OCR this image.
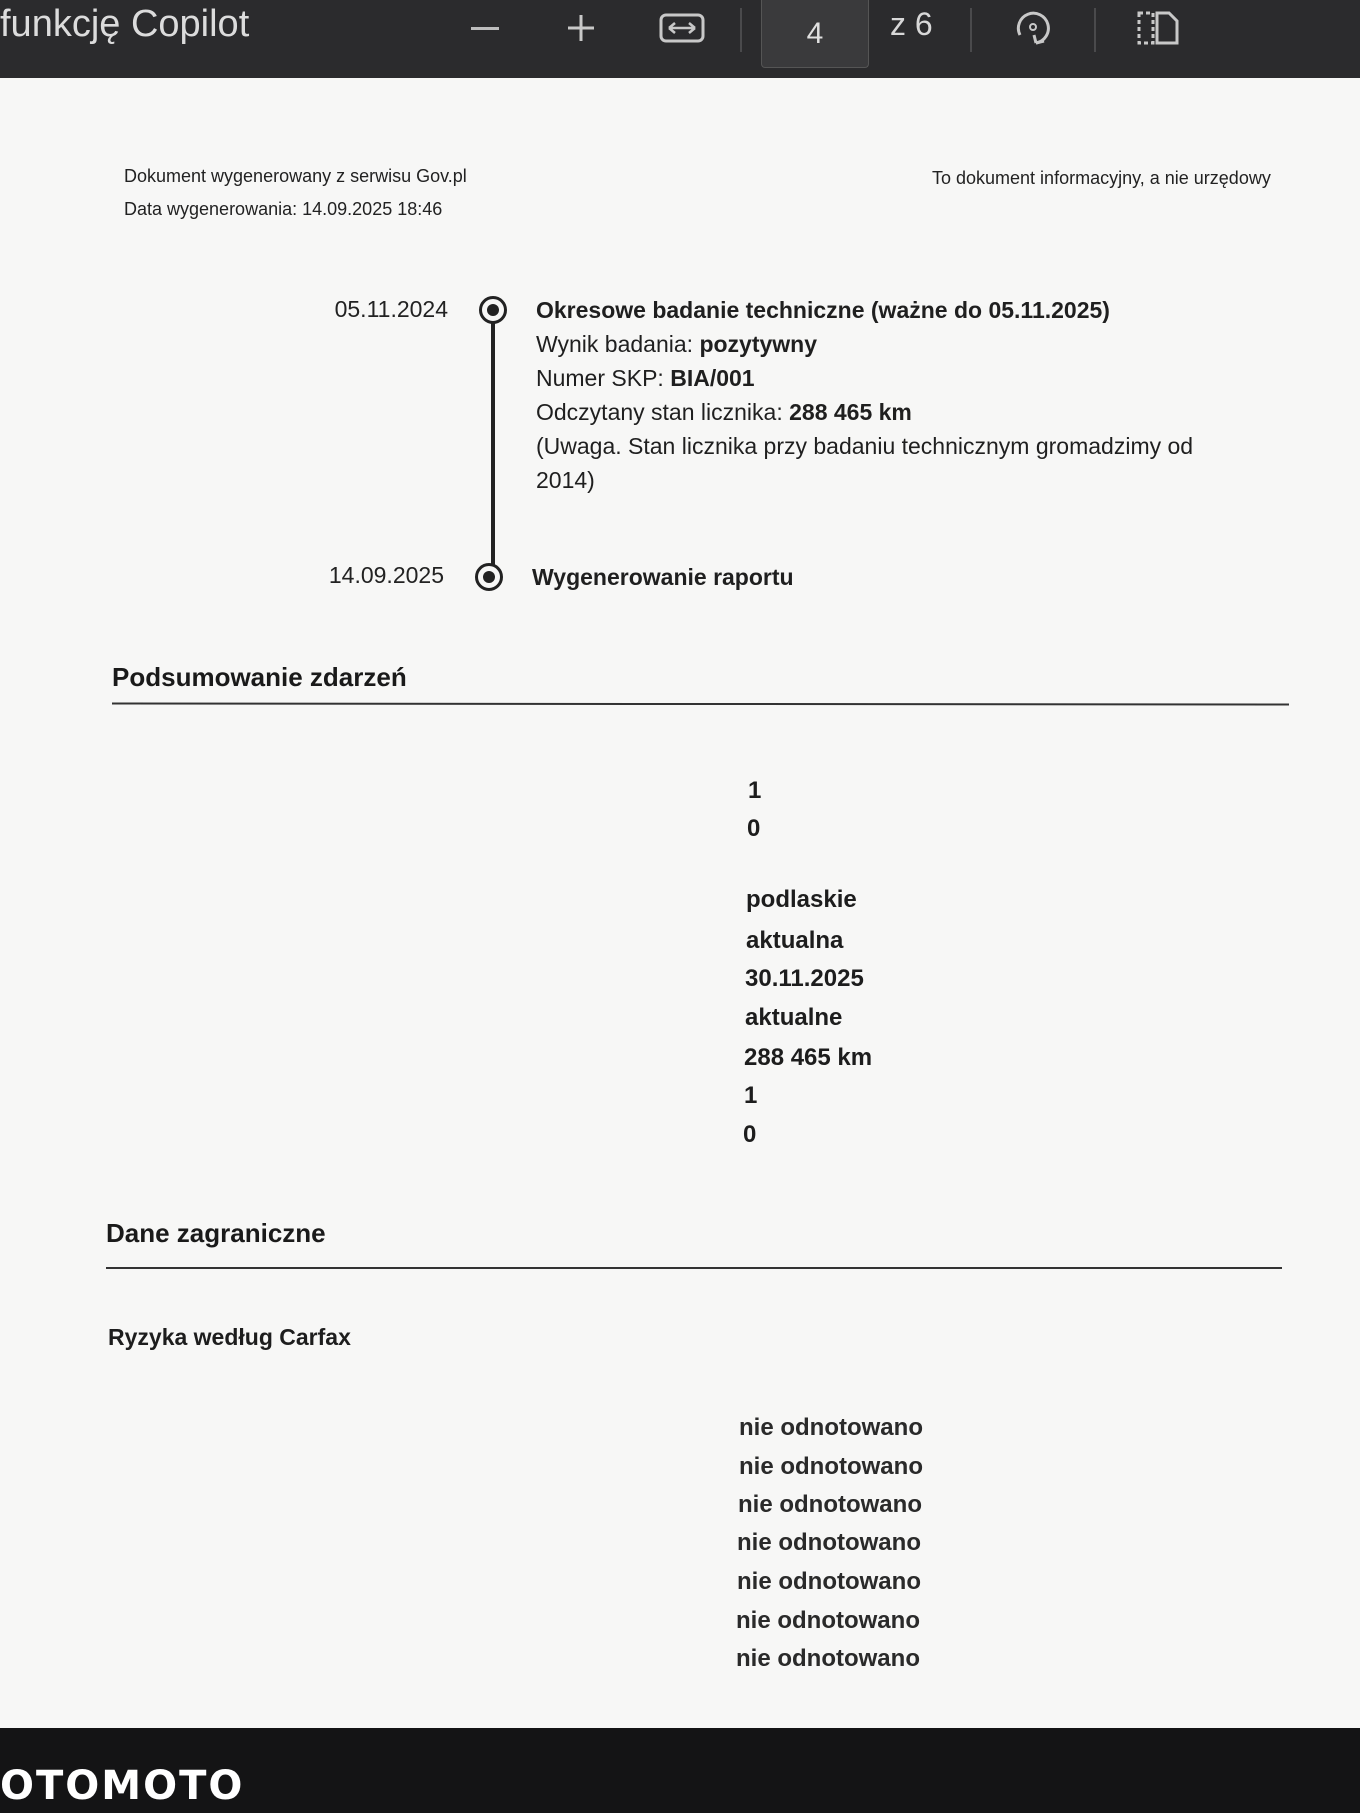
funkcję Copilot	4	z 6
Dokument wygenerowany z serwisu Gov.pl
Data wygenerowania: 14.09.2025 18:46
To dokument informacyjny, a nie urzędowy
05.11.2024	Okresowe badanie techniczne (ważne do 05.11.2025)
Wynik badania: pozytywny
Numer SKP: BIA/001
Odczytany stan licznika: 288 465 km
(Uwaga. Stan licznika przy badaniu technicznym gromadzimy od
2014)
14.09.2025	Wygenerowanie raportu
Podsumowanie zdarzeń
1
0
podlaskie
aktualna
30.11.2025
aktualne
288 465 km
1
0
Dane zagraniczne
Ryzyka według Carfax
nie odnotowano
nie odnotowano
nie odnotowano
nie odnotowano
nie odnotowano
nie odnotowano
nie odnotowano
OTOMOTO
